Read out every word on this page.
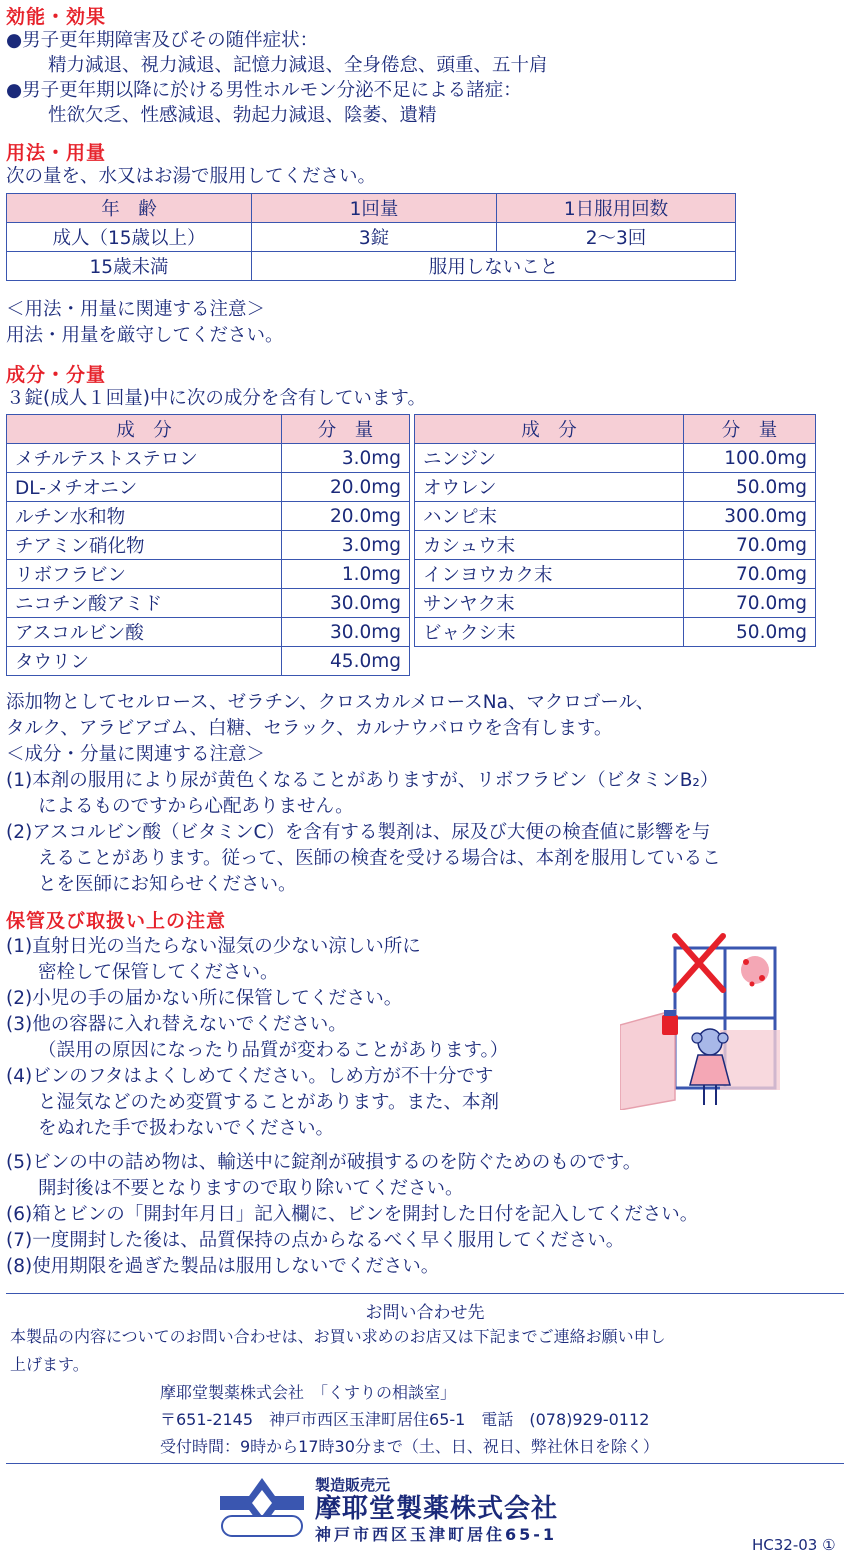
効能・効果
●男子更年期障害及びその随伴症状：
精力減退、視力減退、記憶力減退、全身倦怠、頭重、五十肩
●男子更年期以降に於ける男性ホルモン分泌不足による諸症：
性欲欠乏、性感減退、勃起力減退、陰萎、遺精
用法・用量
次の量を、水又はお湯で服用してください。
年　齢	1回量	1日服用回数
成人（15歳以上）	3錠	2～3回
15歳未満	服用しないこと	
＜用法・用量に関連する注意＞
用法・用量を厳守してください。
成分・分量
３錠(成人１回量)中に次の成分を含有しています。
成　分	分　量
メチルテストステロン	3.0mg
DL-メチオニン	20.0mg
ルチン水和物	20.0mg
チアミン硝化物	3.0mg
リボフラビン	1.0mg
ニコチン酸アミド	30.0mg
アスコルビン酸	30.0mg
タウリン	45.0mg
成　分	分　量
ニンジン	100.0mg
オウレン	50.0mg
ハンピ末	300.0mg
カシュウ末	70.0mg
インヨウカク末	70.0mg
サンヤク末	70.0mg
ビャクシ末	50.0mg
添加物としてセルロース、ゼラチン、クロスカルメロースNa、マクロゴール、
タルク、アラビアゴム、白糖、セラック、カルナウバロウを含有します。
＜成分・分量に関連する注意＞
(1)本剤の服用により尿が黄色くなることがありますが、リボフラビン（ビタミンB₂）
によるものですから心配ありません。
(2)アスコルビン酸（ビタミンC）を含有する製剤は、尿及び大便の検査値に影響を与
えることがあります。従って、医師の検査を受ける場合は、本剤を服用しているこ
とを医師にお知らせください。
保管及び取扱い上の注意
(1)直射日光の当たらない湿気の少ない涼しい所に
密栓して保管してください。
(2)小児の手の届かない所に保管してください。
(3)他の容器に入れ替えないでください。
（誤用の原因になったり品質が変わることがあります。）
(4)ビンのフタはよくしめてください。しめ方が不十分です
と湿気などのため変質することがあります。また、本剤
をぬれた手で扱わないでください。
(5)ビンの中の詰め物は、輸送中に錠剤が破損するのを防ぐためのものです。
開封後は不要となりますので取り除いてください。
(6)箱とビンの「開封年月日」記入欄に、ビンを開封した日付を記入してください。
(7)一度開封した後は、品質保持の点からなるべく早く服用してください。
(8)使用期限を過ぎた製品は服用しないでください。
お問い合わせ先
本製品の内容についてのお問い合わせは、お買い求めのお店又は下記までご連絡お願い申し
上げます。
摩耶堂製薬株式会社　「くすりの相談室」
〒651-2145　神戸市西区玉津町居住65-1　電話　(078)929-0112
受付時間：9時から17時30分まで（土、日、祝日、弊社休日を除く）
製造販売元
摩耶堂製薬株式会社
神戸市西区玉津町居住65-1
HC32-03 ①
